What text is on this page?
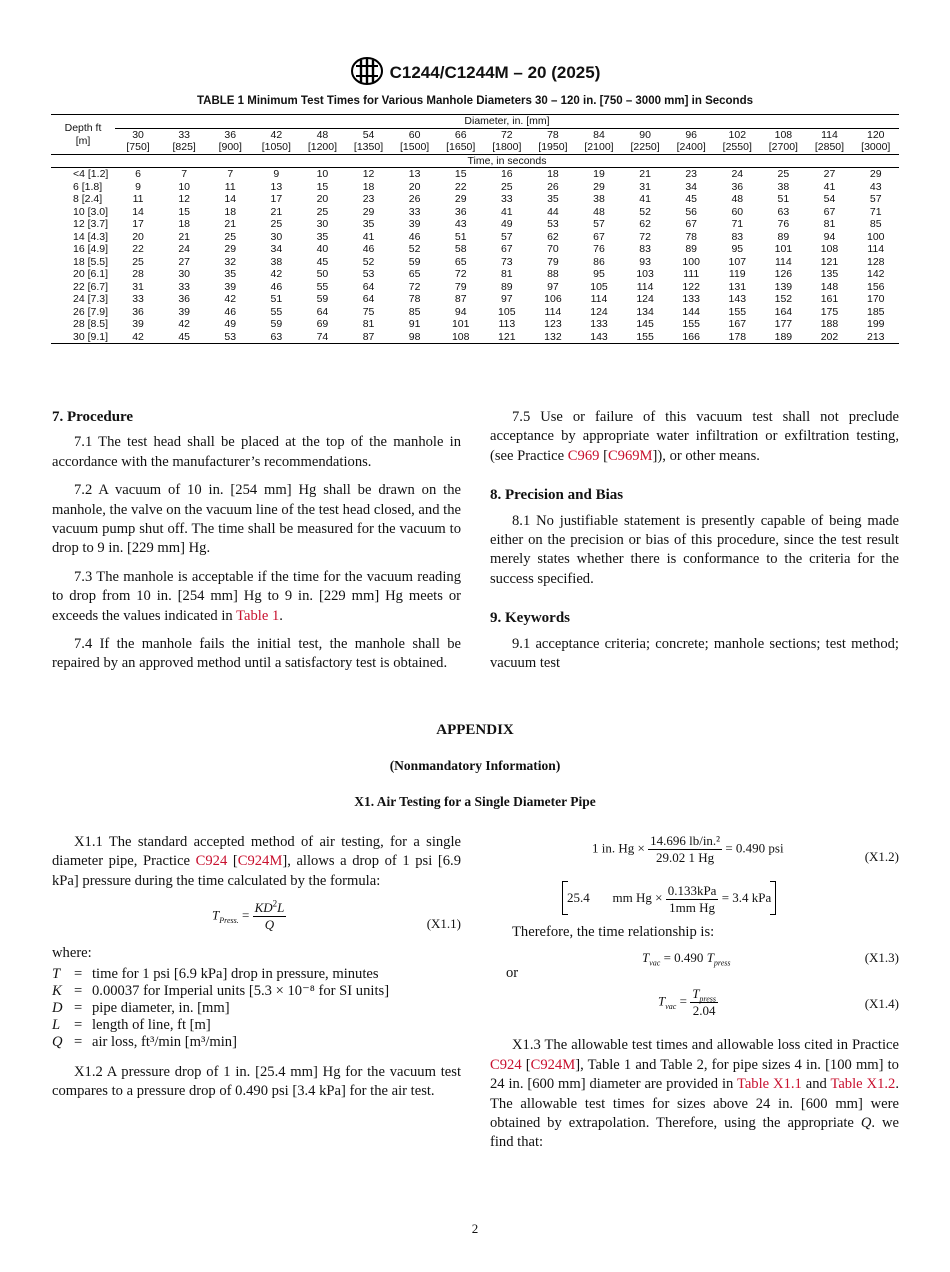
C1244/C1244M – 20 (2025)
TABLE 1 Minimum Test Times for Various Manhole Diameters 30 – 120 in. [750 – 3000 mm] in Seconds
Depth ft
[m]	Diameter, in. [mm]																
	30	33	36	42	48	54	60	66	72	78	84	90	96	102	108	114	120
	[750]	[825]	[900]	[1050]	[1200]	[1350]	[1500]	[1650]	[1800]	[1950]	[2100]	[2250]	[2400]	[2550]	[2700]	[2850]	[3000]
	Time, in seconds																
<4 [1.2]	6	7	7	9	10	12	13	15	16	18	19	21	23	24	25	27	29
6 [1.8]	9	10	11	13	15	18	20	22	25	26	29	31	34	36	38	41	43
8 [2.4]	11	12	14	17	20	23	26	29	33	35	38	41	45	48	51	54	57
10 [3.0]	14	15	18	21	25	29	33	36	41	44	48	52	56	60	63	67	71
12 [3.7]	17	18	21	25	30	35	39	43	49	53	57	62	67	71	76	81	85
14 [4.3]	20	21	25	30	35	41	46	51	57	62	67	72	78	83	89	94	100
16 [4.9]	22	24	29	34	40	46	52	58	67	70	76	83	89	95	101	108	114
18 [5.5]	25	27	32	38	45	52	59	65	73	79	86	93	100	107	114	121	128
20 [6.1]	28	30	35	42	50	53	65	72	81	88	95	103	111	119	126	135	142
22 [6.7]	31	33	39	46	55	64	72	79	89	97	105	114	122	131	139	148	156
24 [7.3]	33	36	42	51	59	64	78	87	97	106	114	124	133	143	152	161	170
26 [7.9]	36	39	46	55	64	75	85	94	105	114	124	134	144	155	164	175	185
28 [8.5]	39	42	49	59	69	81	91	101	113	123	133	145	155	167	177	188	199
30 [9.1]	42	45	53	63	74	87	98	108	121	132	143	155	166	178	189	202	213
7. Procedure

7.1 The test head shall be placed at the top of the manhole in accordance with the manufacturer’s recommendations.

7.2 A vacuum of 10 in. [254 mm] Hg shall be drawn on the manhole, the valve on the vacuum line of the test head closed, and the vacuum pump shut off. The time shall be measured for the vacuum to drop to 9 in. [229 mm] Hg.

7.3 The manhole is acceptable if the time for the vacuum reading to drop from 10 in. [254 mm] Hg to 9 in. [229 mm] Hg meets or exceeds the values indicated in Table 1.

7.4 If the manhole fails the initial test, the manhole shall be repaired by an approved method until a satisfactory test is obtained.

7.5 Use or failure of this vacuum test shall not preclude acceptance by appropriate water infiltration or exfiltration testing, (see Practice C969 [C969M]), or other means.

8. Precision and Bias

8.1 No justifiable statement is presently capable of being made either on the precision or bias of this procedure, since the test result merely states whether there is conformance to the criteria for the success specified.

9. Keywords

9.1 acceptance criteria; concrete; manhole sections; test method; vacuum test

APPENDIX
(Nonmandatory Information)
X1. Air Testing for a Single Diameter Pipe

X1.1 The standard accepted method of air testing, for a single diameter pipe, Practice C924 [C924M], allows a drop of 1 psi [6.9 kPa] pressure during the time calculated by the formula:

$T_{Press.} = \frac{KD^2L}{Q}$	(X1.1)
where:
T = time for 1 psi [6.9 kPa] drop in pressure, minutes
K = 0.00037 for Imperial units [5.3 × 10⁻⁸ for SI units]
D = pipe diameter, in. [mm]
L = length of line, ft [m]
Q = air loss, ft³/min [m³/min]

X1.2 A pressure drop of 1 in. [25.4 mm] Hg for the vacuum test compares to a pressure drop of 0.490 psi [3.4 kPa] for the air test.

1 in. $Hg \times \frac{\text{14.696 lb/in.²}}{29.02 1 Hg} = 0.490$ psi
(X1.2)
25.4 mm $Hg \times \frac{\text{0.133kPa}}{\text{1mm Hg}} = 3.4$ kPa

Therefore, the time relationship is:

$T_{vac} = 0.490$ $T_{press}$	(X1.3)
or
$T_{vac} = \frac{T_{press}}{2.04}$	(X1.4)

X1.3 The allowable test times and allowable loss cited in Practice C924 [C924M], Table 1 and Table 2, for pipe sizes 4 in. [100 mm] to 24 in. [600 mm] diameter are provided in Table X1.1 and Table X1.2. The allowable test times for sizes above 24 in. [600 mm] were obtained by extrapolation. Therefore, using the appropriate Q. we find that:

2
